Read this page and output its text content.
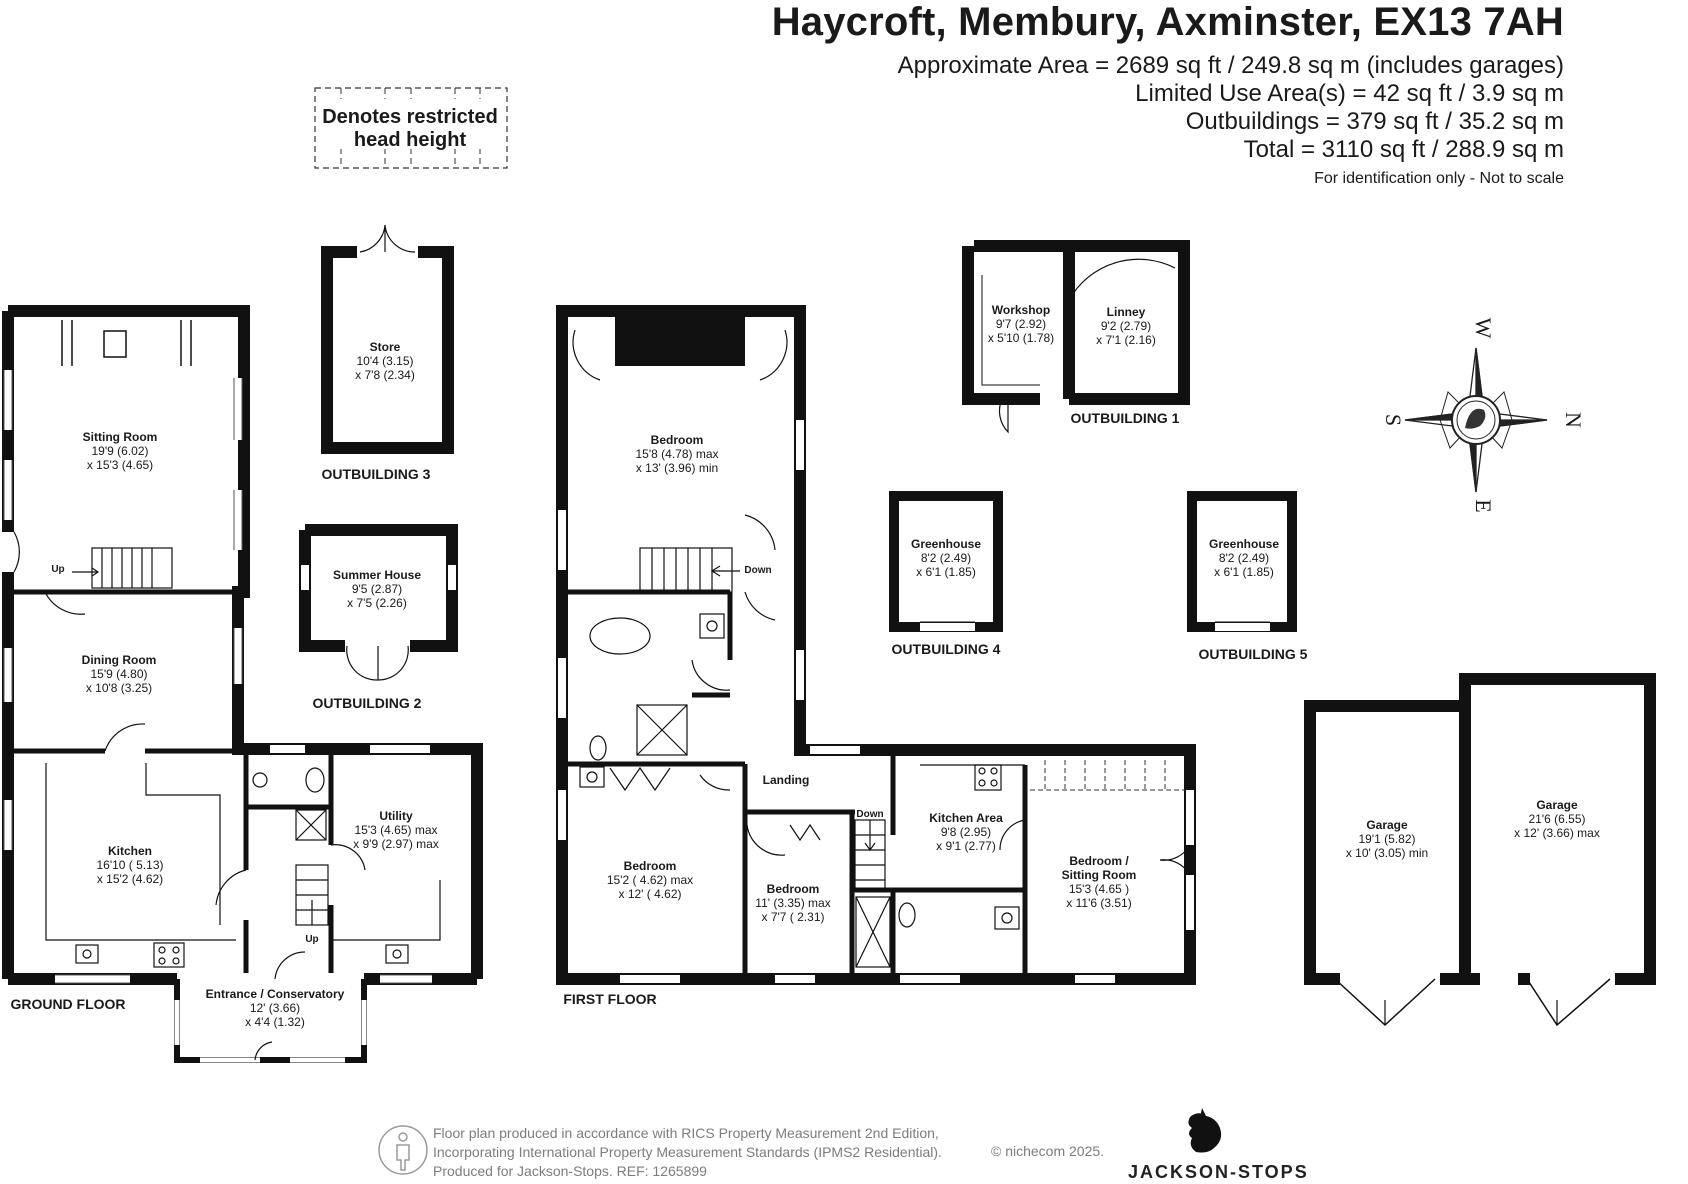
Haycroft, Membury, Axminster, EX13 7AH
Approximate Area = 2689 sq ft / 249.8 sq m (includes garages)
Limited Use Area(s) = 42 sq ft / 3.9 sq m
Outbuildings = 379 sq ft / 35.2 sq m
Total = 3110 sq ft / 288.9 sq m
For identification only - Not to scale
Denotes restricted
head height
Sitting Room
19'9 (6.02)
x 15'3 (4.65)
Dining Room
15'9 (4.80)
x 10'8 (3.25)
Kitchen
16'10 ( 5.13)
x 15'2 (4.62)
Utility
15'3 (4.65) max
x 9'9 (2.97) max
Entrance / Conservatory
12' (3.66)
x 4'4 (1.32)
Up
Up
GROUND FLOOR
Store
10'4 (3.15)
x 7'8 (2.34)
OUTBUILDING 3
Summer House
9'5 (2.87)
x 7'5 (2.26)
OUTBUILDING 2
Bedroom
15'8 (4.78) max
x 13' (3.96) min
Bedroom
15'2 ( 4.62) max
x 12' ( 4.62)	Bedroom
11' (3.35) max
x 7'7 ( 2.31)
Kitchen Area
9'8 (2.95)
x 9'1 (2.77)
Bedroom /
Sitting Room
15'3 (4.65 )
x 11'6 (3.51)
Landing
Down
Down
FIRST FLOOR
Workshop
9'7 (2.92)
x 5'10 (1.78)
Linney
9'2 (2.79)
x 7'1 (2.16)
OUTBUILDING 1
Greenhouse
8'2 (2.49)
x 6'1 (1.85)
OUTBUILDING 4
Greenhouse
8'2 (2.49)
x 6'1 (1.85)
OUTBUILDING 5
Garage
19'1 (5.82)
x 10' (3.05) min
Garage
21'6 (6.55)
x 12' (3.66) max
W
S	N
E
Floor plan produced in accordance with RICS Property Measurement 2nd Edition,
Incorporating International Property Measurement Standards (IPMS2 Residential).
Produced for Jackson-Stops. REF: 1265899
© nichecom 2025.
JACKSON-STOPS
